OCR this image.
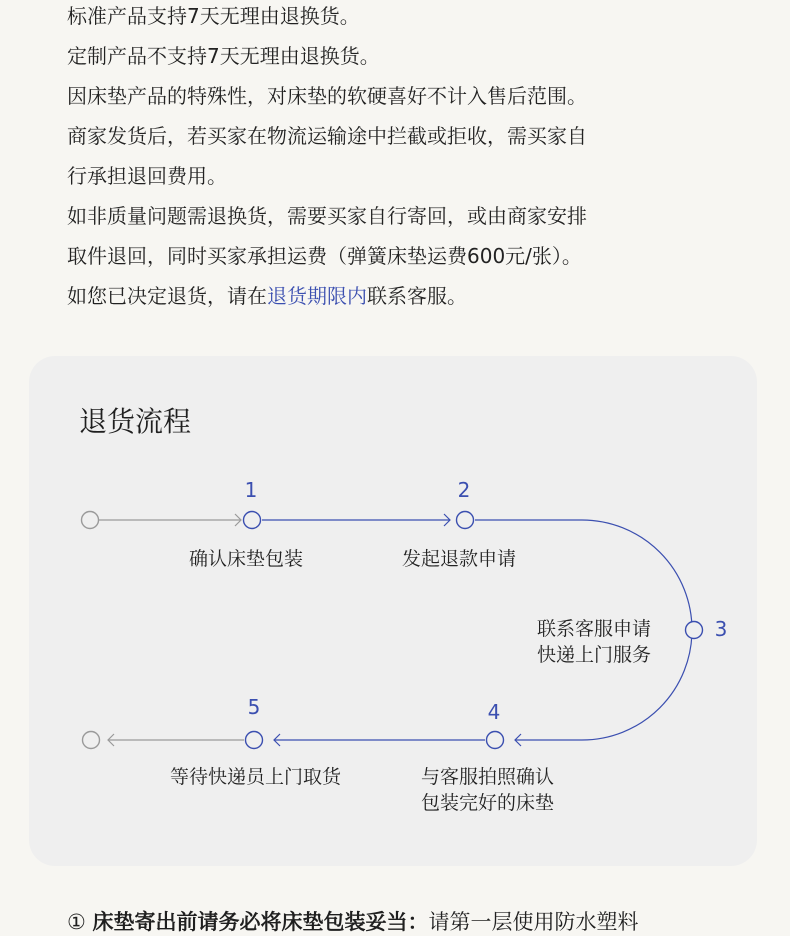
标准产品支持7天无理由退换货。

定制产品不支持7天无理由退换货。

因床垫产品的特殊性，对床垫的软硬喜好不计入售后范围。

商家发货后，若买家在物流运输途中拦截或拒收，需买家自

行承担退回费用。

如非质量问题需退换货，需要买家自行寄回，或由商家安排

取件退回，同时买家承担运费（弹簧床垫运费600元/张）。

如您已决定退货，请在退货期限内联系客服。

退货流程
1
确认床垫包装
2
发起退款申请
3
联系客服申请
快递上门服务
4
与客服拍照确认
包装完好的床垫
5
等待快递员上门取货
① 床垫寄出前请务必将床垫包装妥当：请第一层使用防水塑料
